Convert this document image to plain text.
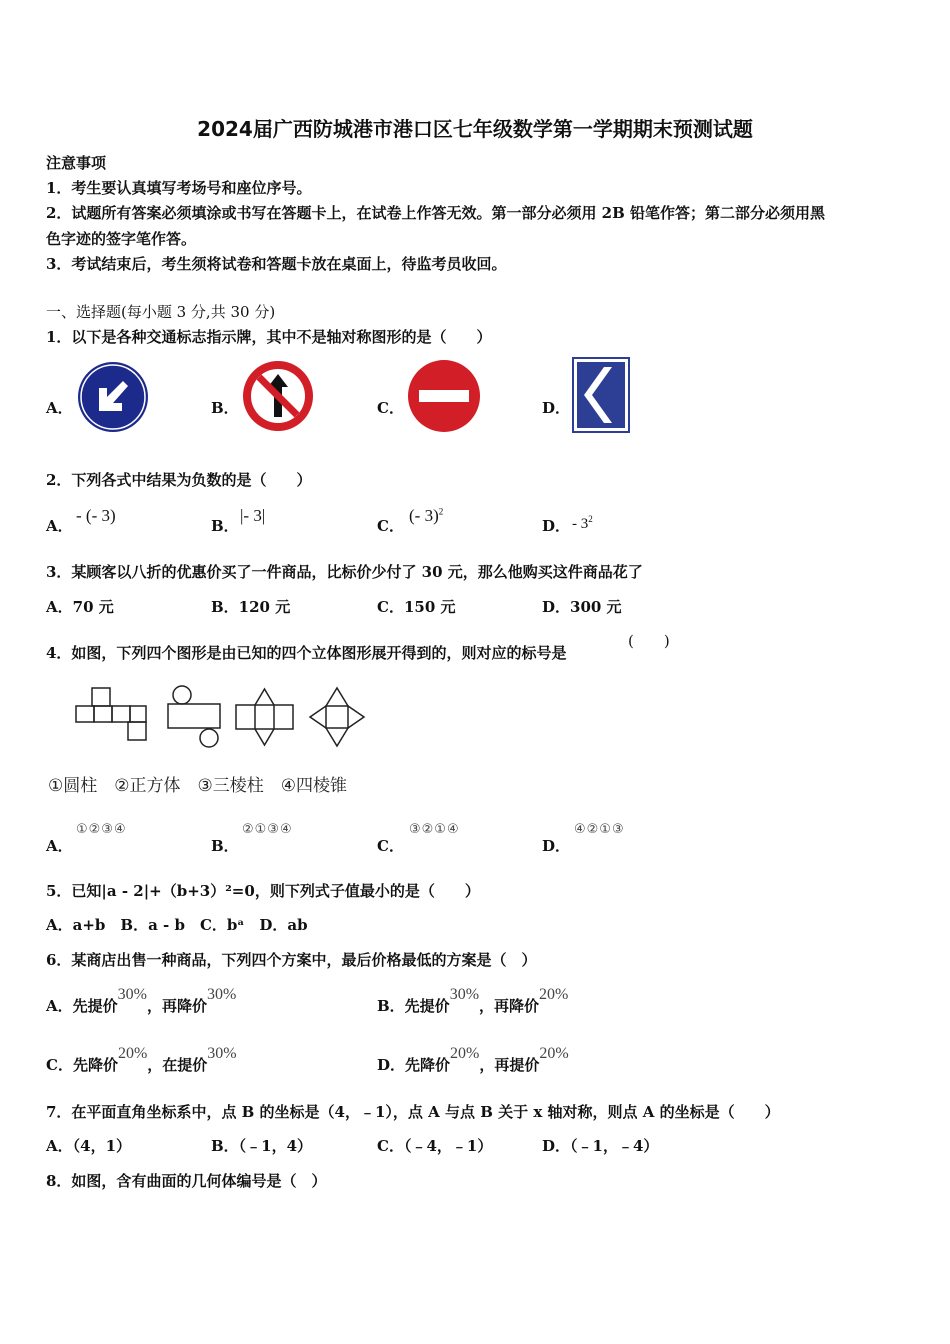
2024届广西防城港市港口区七年级数学第一学期期末预测试题
注意事项
1．考生要认真填写考场号和座位序号。
2．试题所有答案必须填涂或书写在答题卡上，在试卷上作答无效。第一部分必须用 2B 铅笔作答；第二部分必须用黑
色字迹的签字笔作答。
3．考试结束后，考生须将试卷和答题卡放在桌面上，待监考员收回。
一、选择题(每小题 3 分,共 30 分)
1．以下是各种交通标志指示牌，其中不是轴对称图形的是（　　）
A．	B．	C．	D．
2．下列各式中结果为负数的是（　　）
A．
- (- 3)
B．
|- 3|
C．
(- 3)$^2$
D． - $3^2$
3．某顾客以八折的优惠价买了一件商品，比标价少付了 30 元，那么他购买这件商品花了
A．70 元	B．120 元	C．150 元	D．300 元
4．如图，下列四个图形是由已知的四个立体图形展开得到的，则对应的标号是
(　　)
①圆柱　②正方体　③三棱柱　④四棱锥
A．
①②③④
B．
②①③④
C．
③②①④
D．
④②①③
5．已知|a - 2|+（b+3）²=0，则下列式子值最小的是（　　）
A．a+b　B．a - b　C．bᵃ　D．ab
6．某商店出售一种商品，下列四个方案中，最后价格最低的方案是（　）
A．先提价30%，再降价30%
B．先提价30%，再降价20%
C．先降价20%，在提价30%
D．先降价20%，再提价20%
7．在平面直角坐标系中，点 B 的坐标是（4，﹣1），点 A 与点 B 关于 x 轴对称，则点 A 的坐标是（　　）
A．（4，1）	B．（﹣1，4）	C．（﹣4，﹣1）	D．（﹣1，﹣4）
8．如图，含有曲面的几何体编号是（　）
